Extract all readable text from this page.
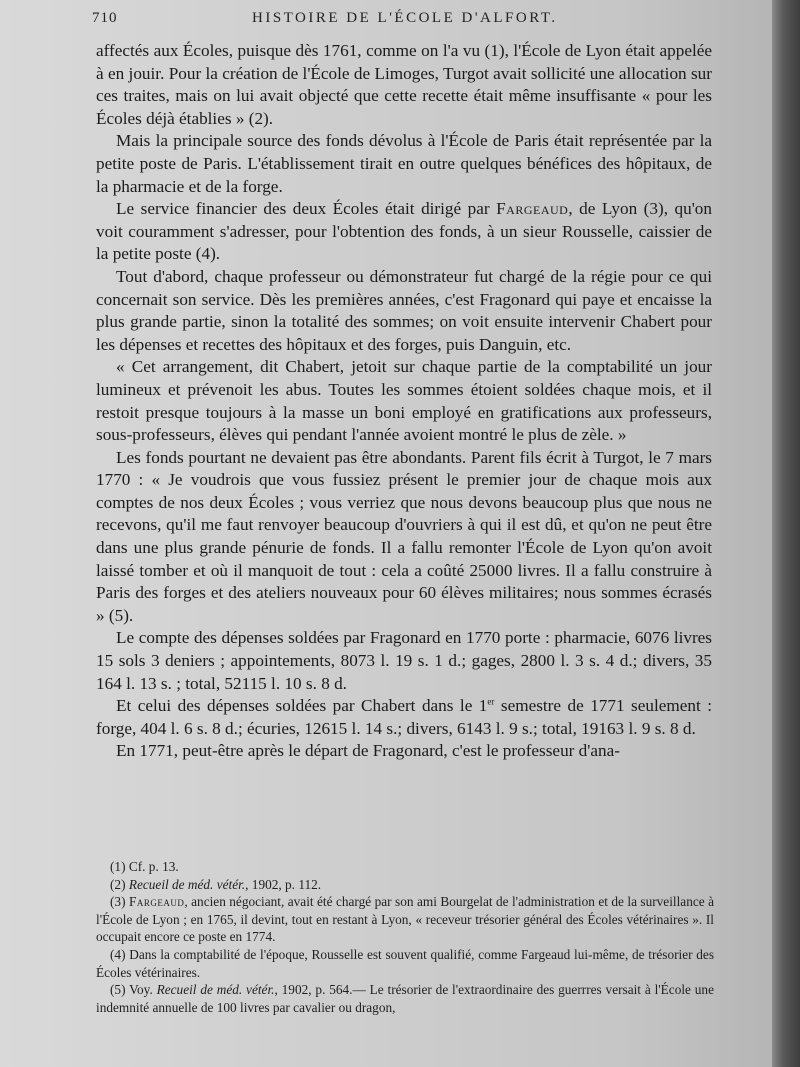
710	HISTOIRE DE L'ÉCOLE D'ALFORT.

affectés aux Écoles, puisque dès 1761, comme on l'a vu (1), l'École de Lyon était appelée à en jouir. Pour la création de l'École de Limoges, Turgot avait sollicité une allocation sur ces traites, mais on lui avait objecté que cette recette était même insuffisante « pour les Écoles déjà établies » (2).

Mais la principale source des fonds dévolus à l'École de Paris était représentée par la petite poste de Paris. L'établissement tirait en outre quelques bénéfices des hôpitaux, de la pharmacie et de la forge.

Le service financier des deux Écoles était dirigé par Fargeaud, de Lyon (3), qu'on voit couramment s'adresser, pour l'obtention des fonds, à un sieur Rousselle, caissier de la petite poste (4).

Tout d'abord, chaque professeur ou démonstrateur fut chargé de la régie pour ce qui concernait son service. Dès les premières années, c'est Fragonard qui paye et encaisse la plus grande partie, sinon la totalité des sommes; on voit ensuite intervenir Chabert pour les dépenses et recettes des hôpitaux et des forges, puis Danguin, etc.

« Cet arrangement, dit Chabert, jetoit sur chaque partie de la comptabilité un jour lumineux et prévenoit les abus. Toutes les sommes étoient soldées chaque mois, et il restoit presque toujours à la masse un boni employé en gratifications aux professeurs, sous-professeurs, élèves qui pendant l'année avoient montré le plus de zèle. »

Les fonds pourtant ne devaient pas être abondants. Parent fils écrit à Turgot, le 7 mars 1770 : « Je voudrois que vous fussiez présent le premier jour de chaque mois aux comptes de nos deux Écoles ; vous verriez que nous devons beaucoup plus que nous ne recevons, qu'il me faut renvoyer beaucoup d'ouvriers à qui il est dû, et qu'on ne peut être dans une plus grande pénurie de fonds. Il a fallu remonter l'École de Lyon qu'on avoit laissé tomber et où il manquoit de tout : cela a coûté 25000 livres. Il a fallu construire à Paris des forges et des ateliers nouveaux pour 60 élèves militaires; nous sommes écrasés » (5).

Le compte des dépenses soldées par Fragonard en 1770 porte : pharmacie, 6076 livres 15 sols 3 deniers ; appointements, 8073 l. 19 s. 1 d.; gages, 2800 l. 3 s. 4 d.; divers, 35 164 l. 13 s. ; total, 52115 l. 10 s. 8 d.

Et celui des dépenses soldées par Chabert dans le 1er semestre de 1771 seulement : forge, 404 l. 6 s. 8 d.; écuries, 12615 l. 14 s.; divers, 6143 l. 9 s.; total, 19163 l. 9 s. 8 d.

En 1771, peut-être après le départ de Fragonard, c'est le professeur d'ana-

(1) Cf. p. 13.

(2) Recueil de méd. vétér., 1902, p. 112.

(3) Fargeaud, ancien négociant, avait été chargé par son ami Bourgelat de l'administration et de la surveillance à l'École de Lyon ; en 1765, il devint, tout en restant à Lyon, « receveur trésorier général des Écoles vétérinaires ». Il occupait encore ce poste en 1774.

(4) Dans la comptabilité de l'époque, Rousselle est souvent qualifié, comme Fargeaud lui-même, de trésorier des Écoles vétérinaires.

(5) Voy. Recueil de méd. vétér., 1902, p. 564.— Le trésorier de l'extraordinaire des guerrres versait à l'École une indemnité annuelle de 100 livres par cavalier ou dragon,
